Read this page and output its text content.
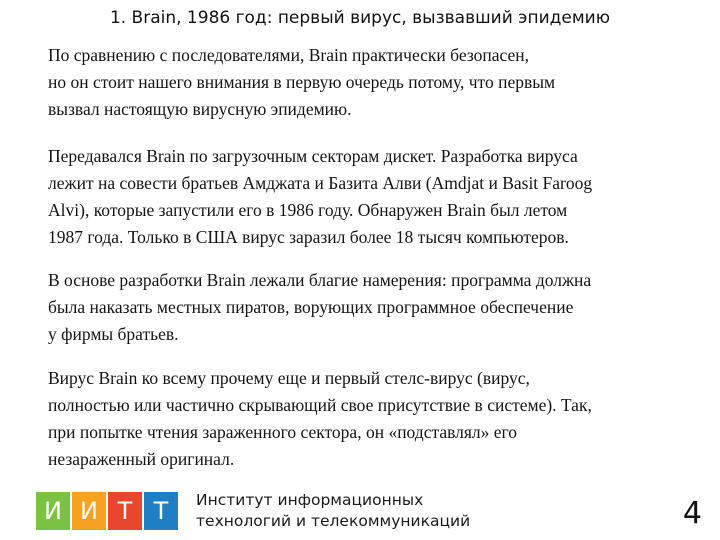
1. Brain, 1986 год: первый вирус, вызвавший эпидемию
По сравнению с последователями, Brain практически безопасен,
но он стоит нашего внимания в первую очередь потому, что первым
вызвал настоящую вирусную эпидемию.
Передавался Brain по загрузочным секторам дискет. Разработка вируса
лежит на совести братьев Амджата и Базита Алви (Amdjat и Basit Faroog
Alvi), которые запустили его в 1986 году. Обнаружен Brain был летом
1987 года. Только в США вирус заразил более 18 тысяч компьютеров.
В основе разработки Brain лежали благие намерения: программа должна
была наказать местных пиратов, ворующих программное обеспечение
у фирмы братьев.
Вирус Brain ко всему прочему еще и первый стелс-вирус (вирус,
полностью или частично скрывающий свое присутствие в системе). Так,
при попытке чтения зараженного сектора, он «подставлял» его
незараженный оригинал.
И И Т Т	Институт информационных
технологий и телекоммуникаций	4
